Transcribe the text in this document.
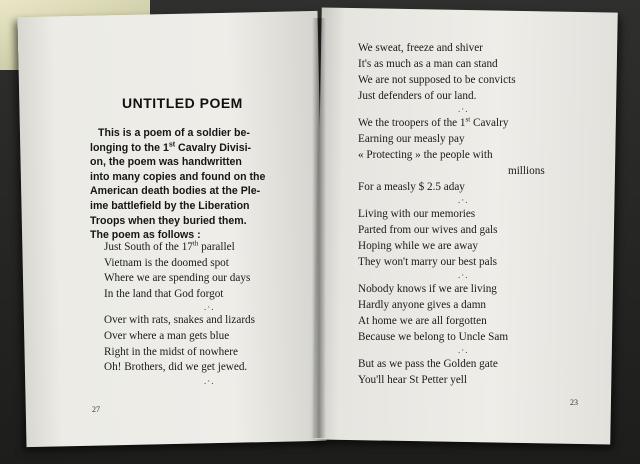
UNTITLED POEM
This is a poem of a soldier be-
longing to the 1st Cavalry Divisi-
on, the poem was handwritten
into many copies and found on the
American death bodies at the Ple-
ime battlefield by the Liberation
Troops when they buried them.
The poem as follows :
Just South of the 17th parallel
Vietnam is the doomed spot
Where we are spending our days
In the land that God forgot
.·.
Over with rats, snakes and lizards
Over where a man gets blue
Right in the midst of nowhere
Oh! Brothers, did we get jewed.
.·.
We sweat, freeze and shiver
It's as much as a man can stand
We are not supposed to be convicts
Just defenders of our land.
.·.
We the troopers of the 1st Cavalry
Earning our measly pay
« Protecting » the people with
millions
For a measly $ 2.5 aday
.·.
Living with our memories
Parted from our wives and gals
Hoping while we are away
They won't marry our best pals
.·.
Nobody knows if we are living
Hardly anyone gives a damn
At home we are all forgotten
Because we belong to Uncle Sam
.·.
But as we pass the Golden gate
You'll hear St Petter yell
27
23
